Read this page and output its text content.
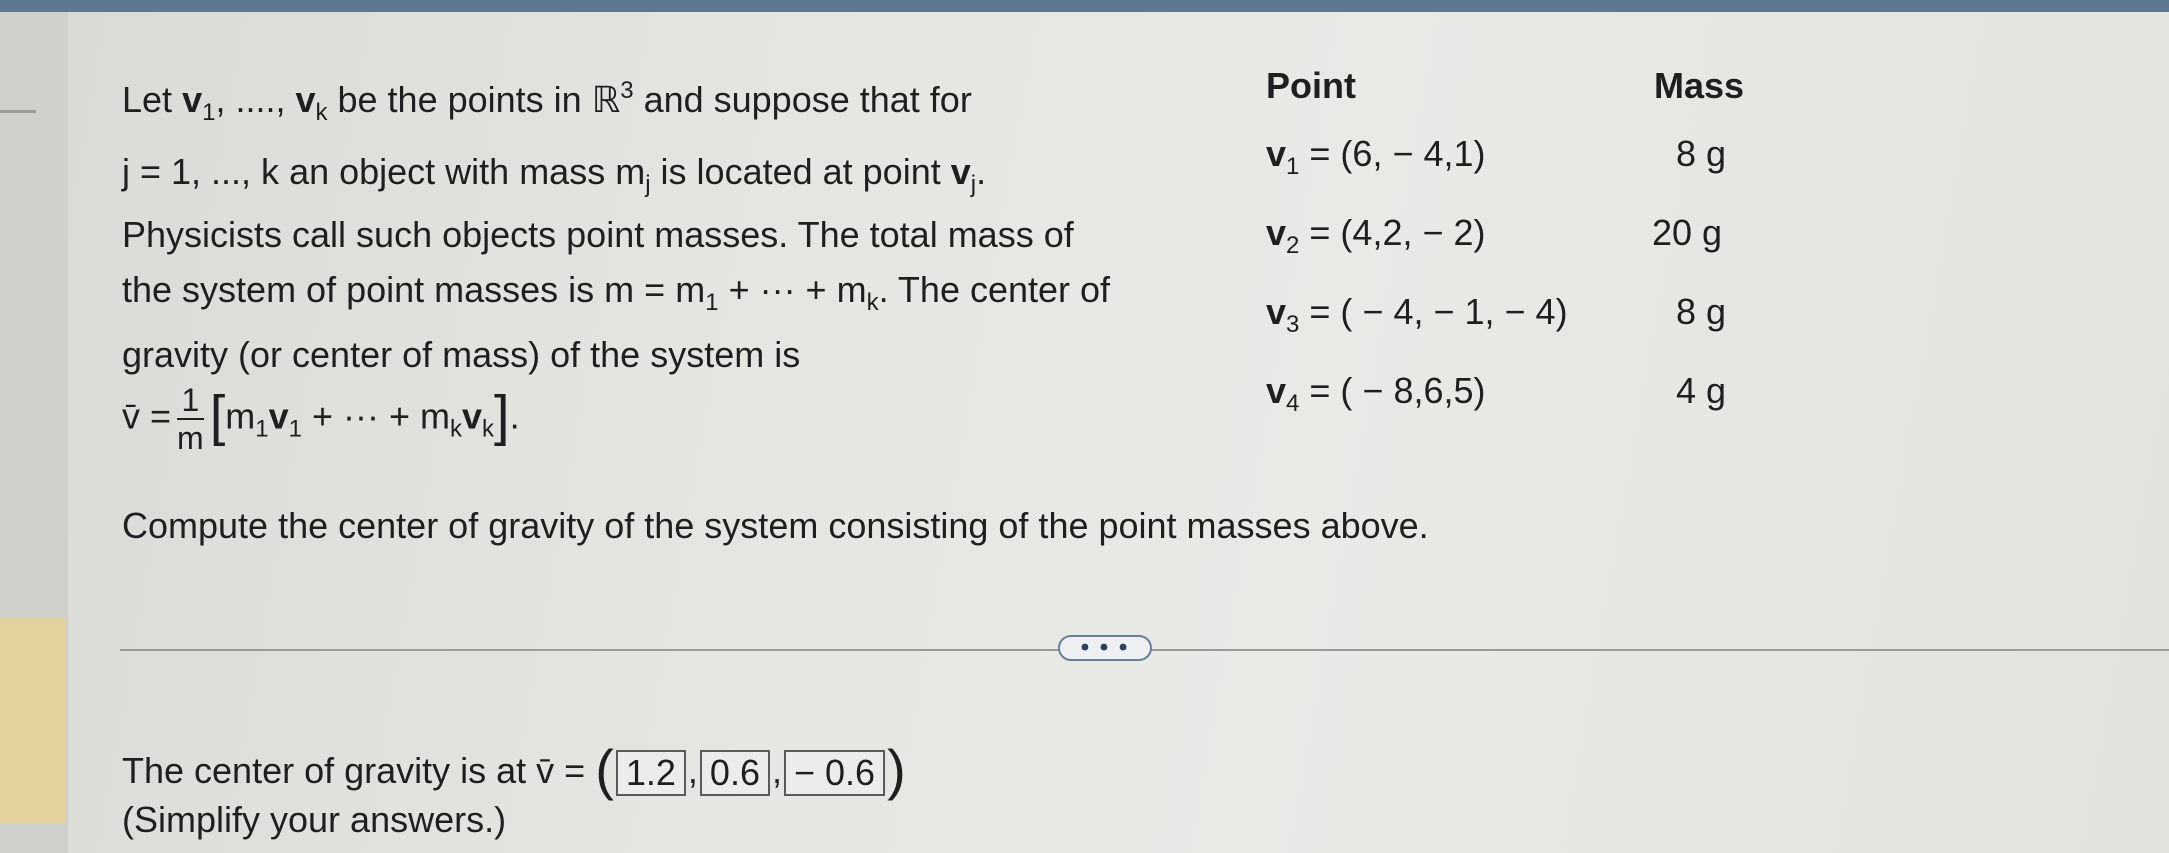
Let $v_1$, ...., $v_k$ be the points in ℝ$^3$ and suppose that for
j = 1, ..., k an object with mass $m_j$ is located at point $v_j$.
Physicists call such objects point masses. The total mass of
the system of point masses is $m = m_1$ + ··· + $m_k$. The center of
gravity (or center of mass) of the system is
v̄ = $\frac{1}{m} [m_1v_1$ + ··· + $m_kv_k$].
Compute the center of gravity of the system consisting of the point masses above.
Point	Mass
$v_1 = (6$, − 4,1)	8 g
$v_2 = (4,2$, − 2)	20 g
$v_3$ = ( − 4, − 1, − 4)	8 g
$v_4$ = ( − 8,6,5)	4 g
• • •
The center of gravity is at v̄ = ( 1.2 , 0.6 , − 0.6 )
(Simplify your answers.)
